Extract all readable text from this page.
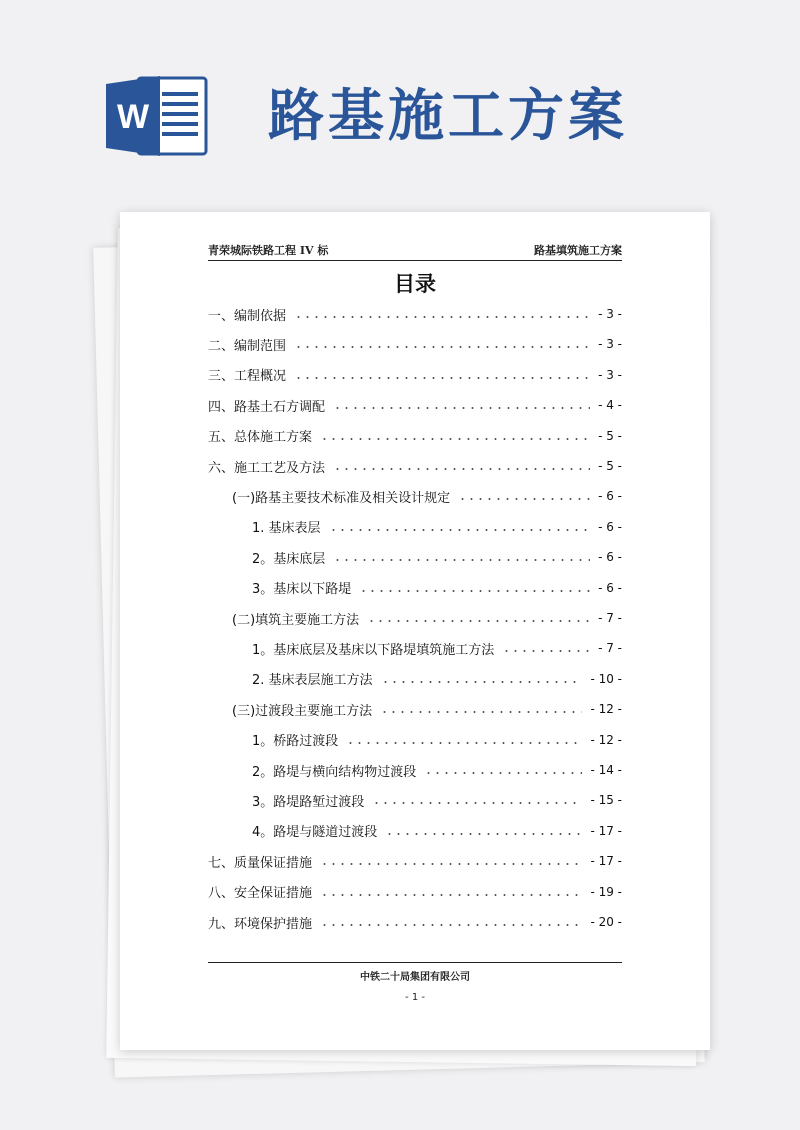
W 路基施工方案
青荣城际铁路工程 IV 标	路基填筑施工方案
目录
一、编制依据	- 3 -
二、编制范围	- 3 -
三、工程概况	- 3 -
四、路基土石方调配	- 4 -
五、总体施工方案	- 5 -
六、施工工艺及方法	- 5 -
(一)路基主要技术标准及相关设计规定	- 6 -
1. 基床表层	- 6 -
2。基床底层	- 6 -
3。基床以下路堤	- 6 -
(二)填筑主要施工方法	- 7 -
1。基床底层及基床以下路堤填筑施工方法	- 7 -
2. 基床表层施工方法	- 10 -
(三)过渡段主要施工方法	- 12 -
1。桥路过渡段	- 12 -
2。路堤与横向结构物过渡段	- 14 -
3。路堤路堑过渡段	- 15 -
4。路堤与隧道过渡段	- 17 -
七、质量保证措施	- 17 -
八、安全保证措施	- 19 -
九、环境保护措施	- 20 -
中铁二十局集团有限公司
- 1 -
